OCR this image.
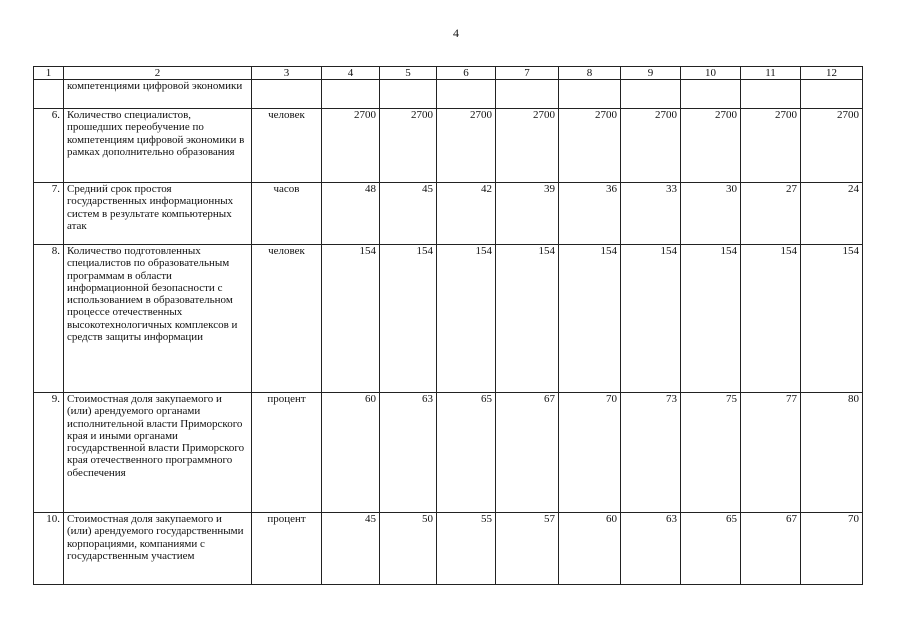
4
1	2	3	4	5	6	7	8	9	10	11	12
	компетенциями цифровой экономики										
6.	Количество специалистов, прошедших переобучение по компетенциям цифровой экономики в рамках дополнительно образования	человек	2700	2700	2700	2700	2700	2700	2700	2700	2700
7.	Средний срок простоя государственных информационных систем в результате компьютерных атак	часов	48	45	42	39	36	33	30	27	24
8.	Количество подготовленных специалистов по образовательным программам в области информационной безопасности с использованием в образовательном процессе отечественных высокотехнологичных комплексов и средств защиты информации	человек	154	154	154	154	154	154	154	154	154
9.	Стоимостная доля закупаемого и (или) арендуемого органами исполнительной власти Приморского края и иными органами государственной власти Приморского края отечественного программного обеспечения	процент	60	63	65	67	70	73	75	77	80
10.	Стоимостная доля закупаемого и (или) арендуемого государственными корпорациями, компаниями с государственным участием	процент	45	50	55	57	60	63	65	67	70
